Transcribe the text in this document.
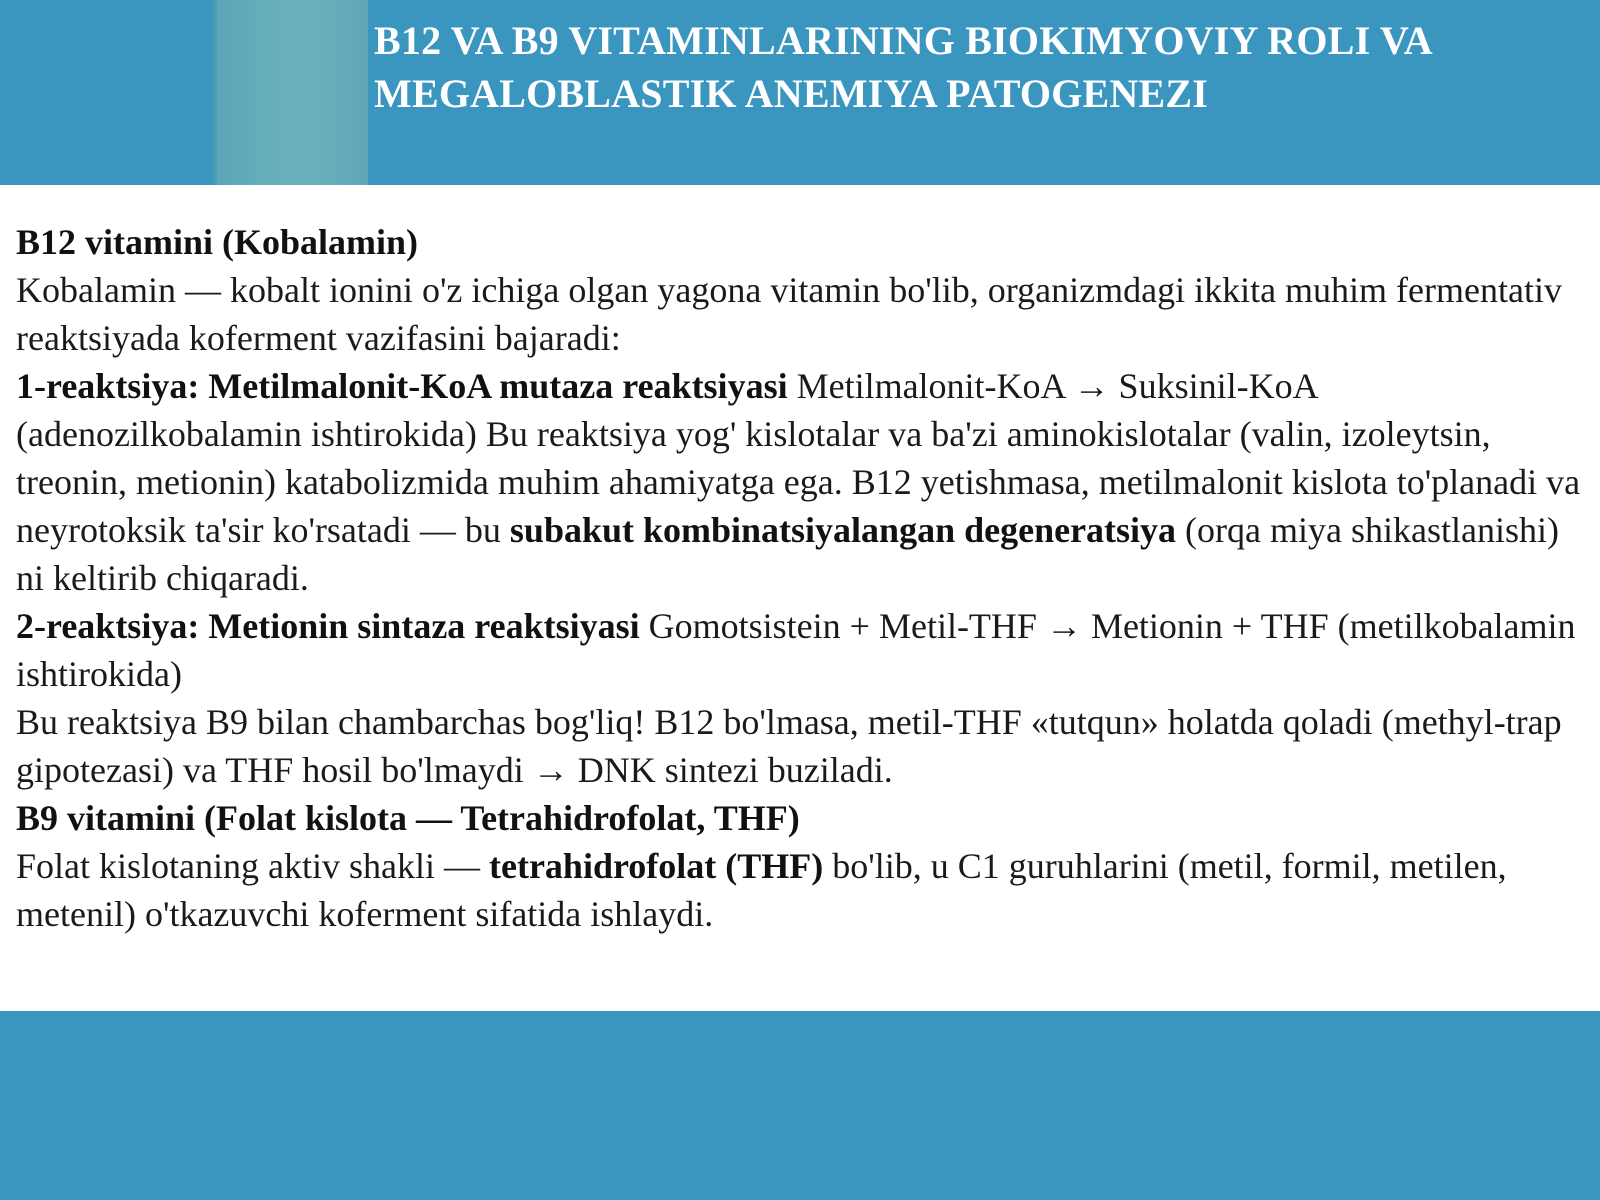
B12 VA B9 VITAMINLARINING BIOKIMYOVIY ROLI VA
MEGALOBLASTIK ANEMIYA PATOGENEZI

B12 vitamini (Kobalamin)

Kobalamin — kobalt ionini o'z ichiga olgan yagona vitamin bo'lib, organizmdagi ikkita muhim fermentativ reaktsiyada koferment vazifasini bajaradi:

1-reaktsiya: Metilmalonit-KoA mutaza reaktsiyasi Metilmalonit-KoA → Suksinil-KoA (adenozilkobalamin ishtirokida) Bu reaktsiya yog' kislotalar va ba'zi aminokislotalar (valin, izoleytsin, treonin, metionin) katabolizmida muhim ahamiyatga ega. B12 yetishmasa, metilmalonit kislota to'planadi va neyrotoksik ta'sir ko'rsatadi — bu subakut kombinatsiyalangan degeneratsiya (orqa miya shikastlanishi) ni keltirib chiqaradi.

2-reaktsiya: Metionin sintaza reaktsiyasi Gomotsistein + Metil-THF → Metionin + THF (metilkobalamin ishtirokida)

Bu reaktsiya B9 bilan chambarchas bog'liq! B12 bo'lmasa, metil-THF «tutqun» holatda qoladi (methyl-trap gipotezasi) va THF hosil bo'lmaydi → DNK sintezi buziladi.

B9 vitamini (Folat kislota — Tetrahidrofolat, THF)

Folat kislotaning aktiv shakli — tetrahidrofolat (THF) bo'lib, u C1 guruhlarini (metil, formil, metilen, metenil) o'tkazuvchi koferment sifatida ishlaydi.
